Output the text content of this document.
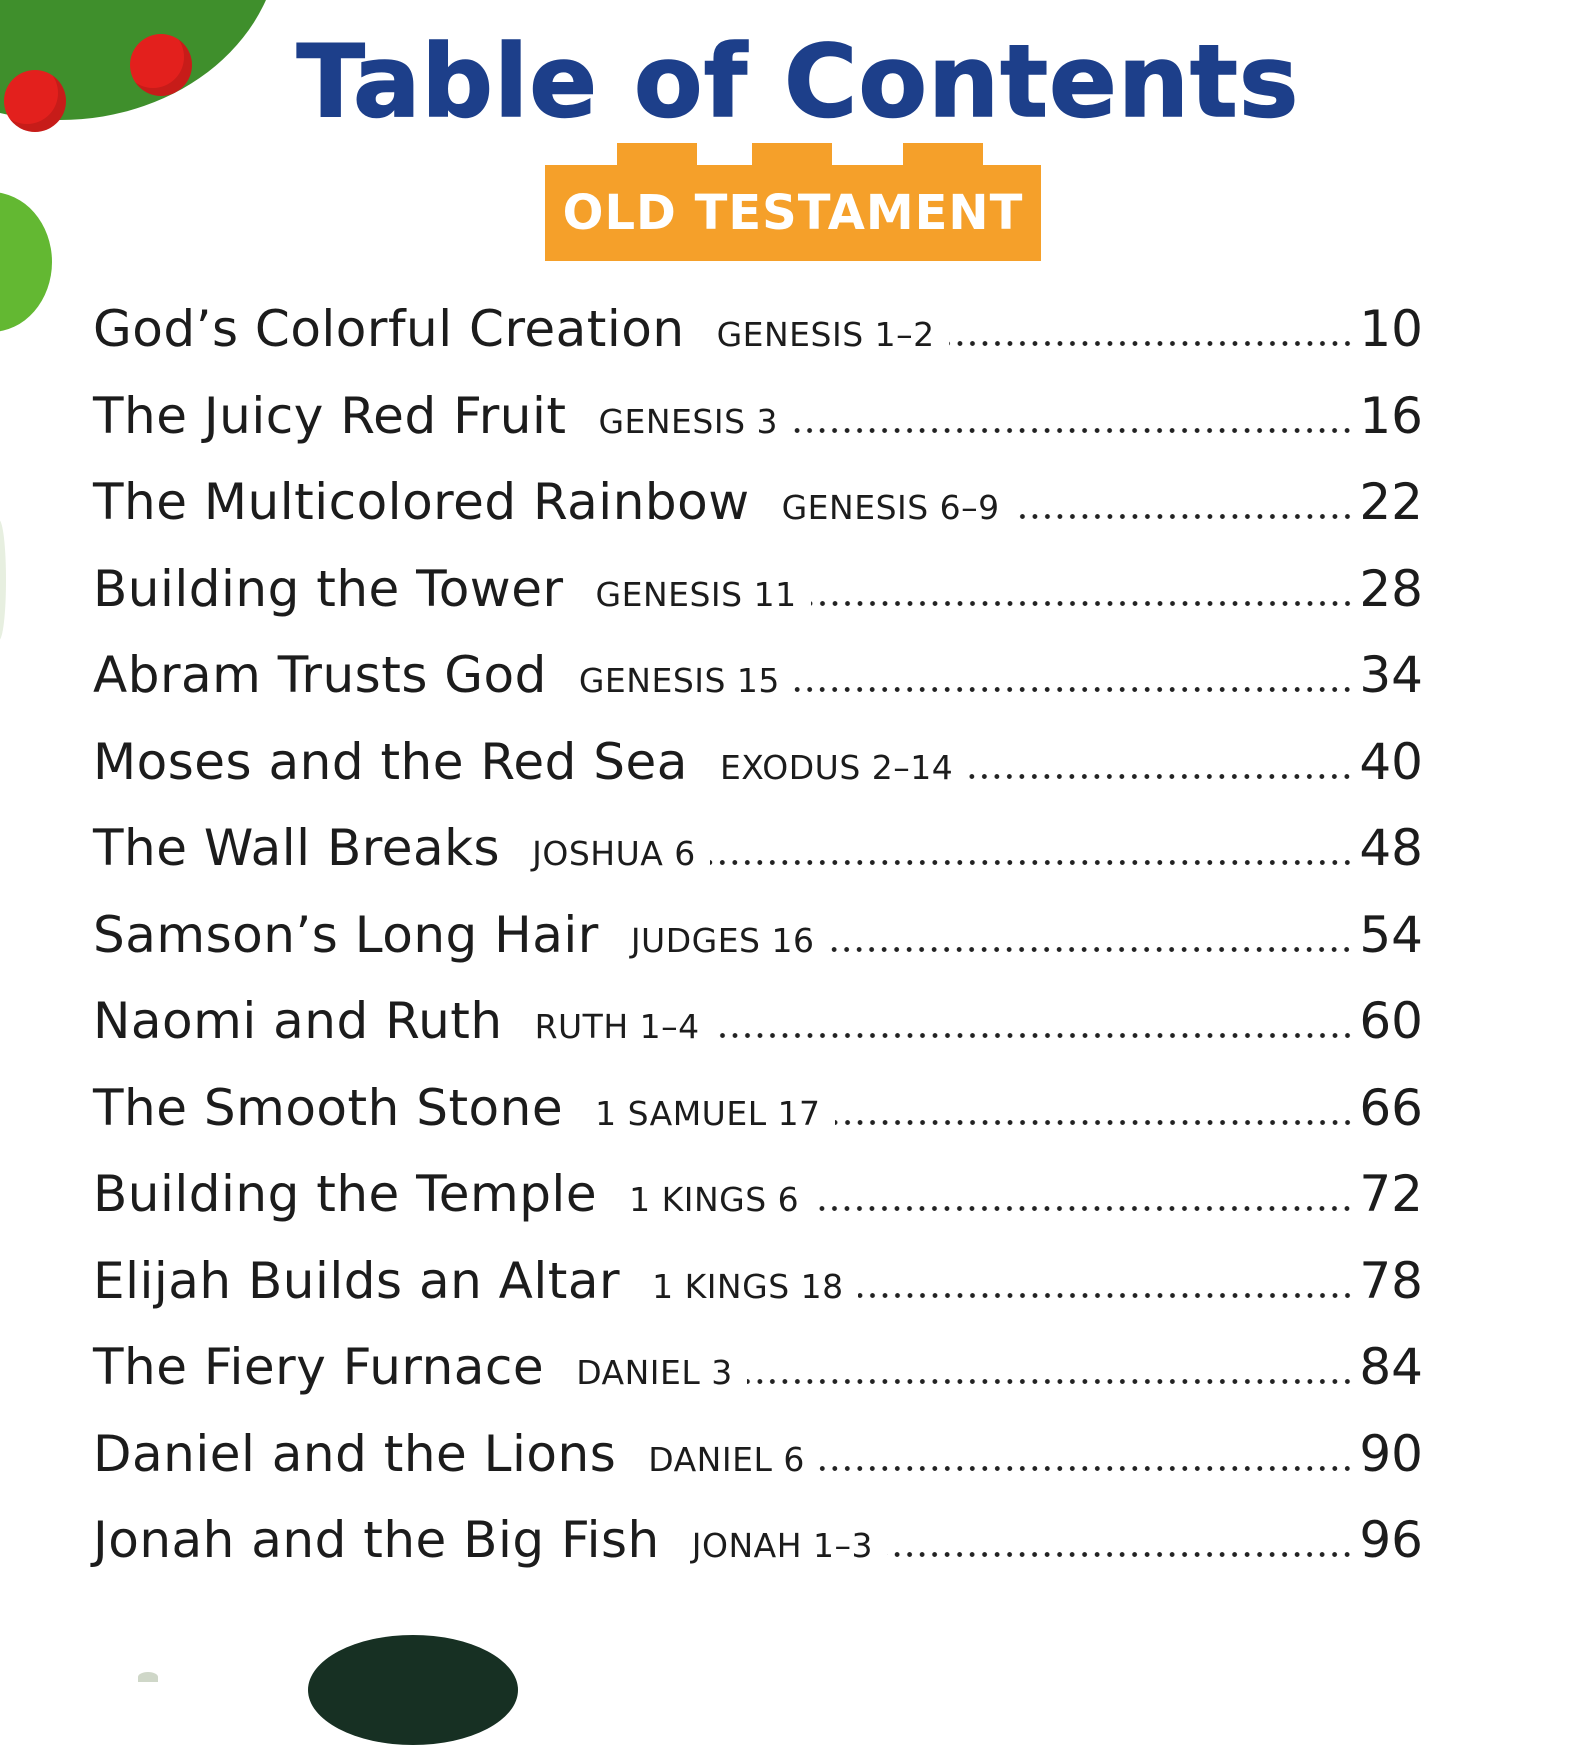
Table of Contents
OLD TESTAMENT
God’s Colorful Creation GENESIS 1–2	10
The Juicy Red Fruit GENESIS 3	16
The Multicolored Rainbow GENESIS 6–9	22
Building the Tower GENESIS 11	28
Abram Trusts God GENESIS 15	34
Moses and the Red Sea EXODUS 2–14	40
The Wall Breaks JOSHUA 6	48
Samson’s Long Hair JUDGES 16	54
Naomi and Ruth RUTH 1–4	60
The Smooth Stone 1 SAMUEL 17	66
Building the Temple 1 KINGS 6	72
Elijah Builds an Altar 1 KINGS 18	78
The Fiery Furnace DANIEL 3	84
Daniel and the Lions DANIEL 6	90
Jonah and the Big Fish JONAH 1–3	96
